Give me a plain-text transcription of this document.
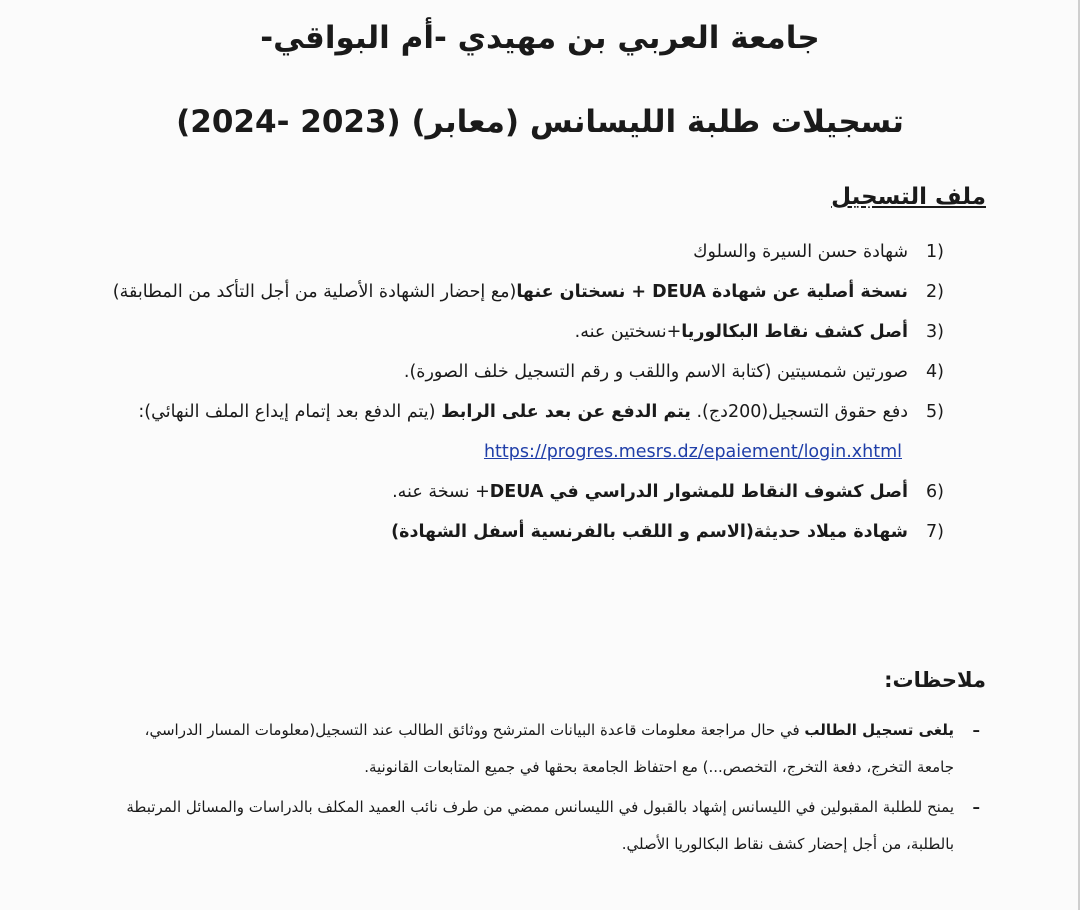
جامعة العربي بن مهيدي -أم البواقي-
تسجيلات طلبة الليسانس (معابر) (2023 -2024)
ملف التسجيل
1)
شهادة حسن السيرة والسلوك
2)
نسخة أصلية عن شهادة DEUA + نسختان عنها(مع إحضار الشهادة الأصلية من أجل التأكد من المطابقة)
3)
أصل كشف نقاط البكالوريا+نسختين عنه.
4)
صورتين شمسيتين (كتابة الاسم واللقب و رقم التسجيل خلف الصورة).
5)
دفع حقوق التسجيل(200دج). يتم الدفع عن بعد على الرابط (يتم الدفع بعد إتمام إيداع الملف النهائي): https://progres.mesrs.dz/epaiement/login.xhtml
6)
أصل كشوف النقاط للمشوار الدراسي في DEUA+ نسخة عنه.
7)
شهادة ميلاد حديثة(الاسم و اللقب بالفرنسية أسفل الشهادة)
ملاحظات:
–
يلغى تسجيل الطالب في حال مراجعة معلومات قاعدة البيانات المترشح ووثائق الطالب عند التسجيل(معلومات المسار الدراسي، جامعة التخرج، دفعة التخرج، التخصص...) مع احتفاظ الجامعة بحقها في جميع المتابعات القانونية.
–
يمنح للطلبة المقبولين في الليسانس إشهاد بالقبول في الليسانس ممضي من طرف نائب العميد المكلف بالدراسات والمسائل المرتبطة بالطلبة، من أجل إحضار كشف نقاط البكالوريا الأصلي.
